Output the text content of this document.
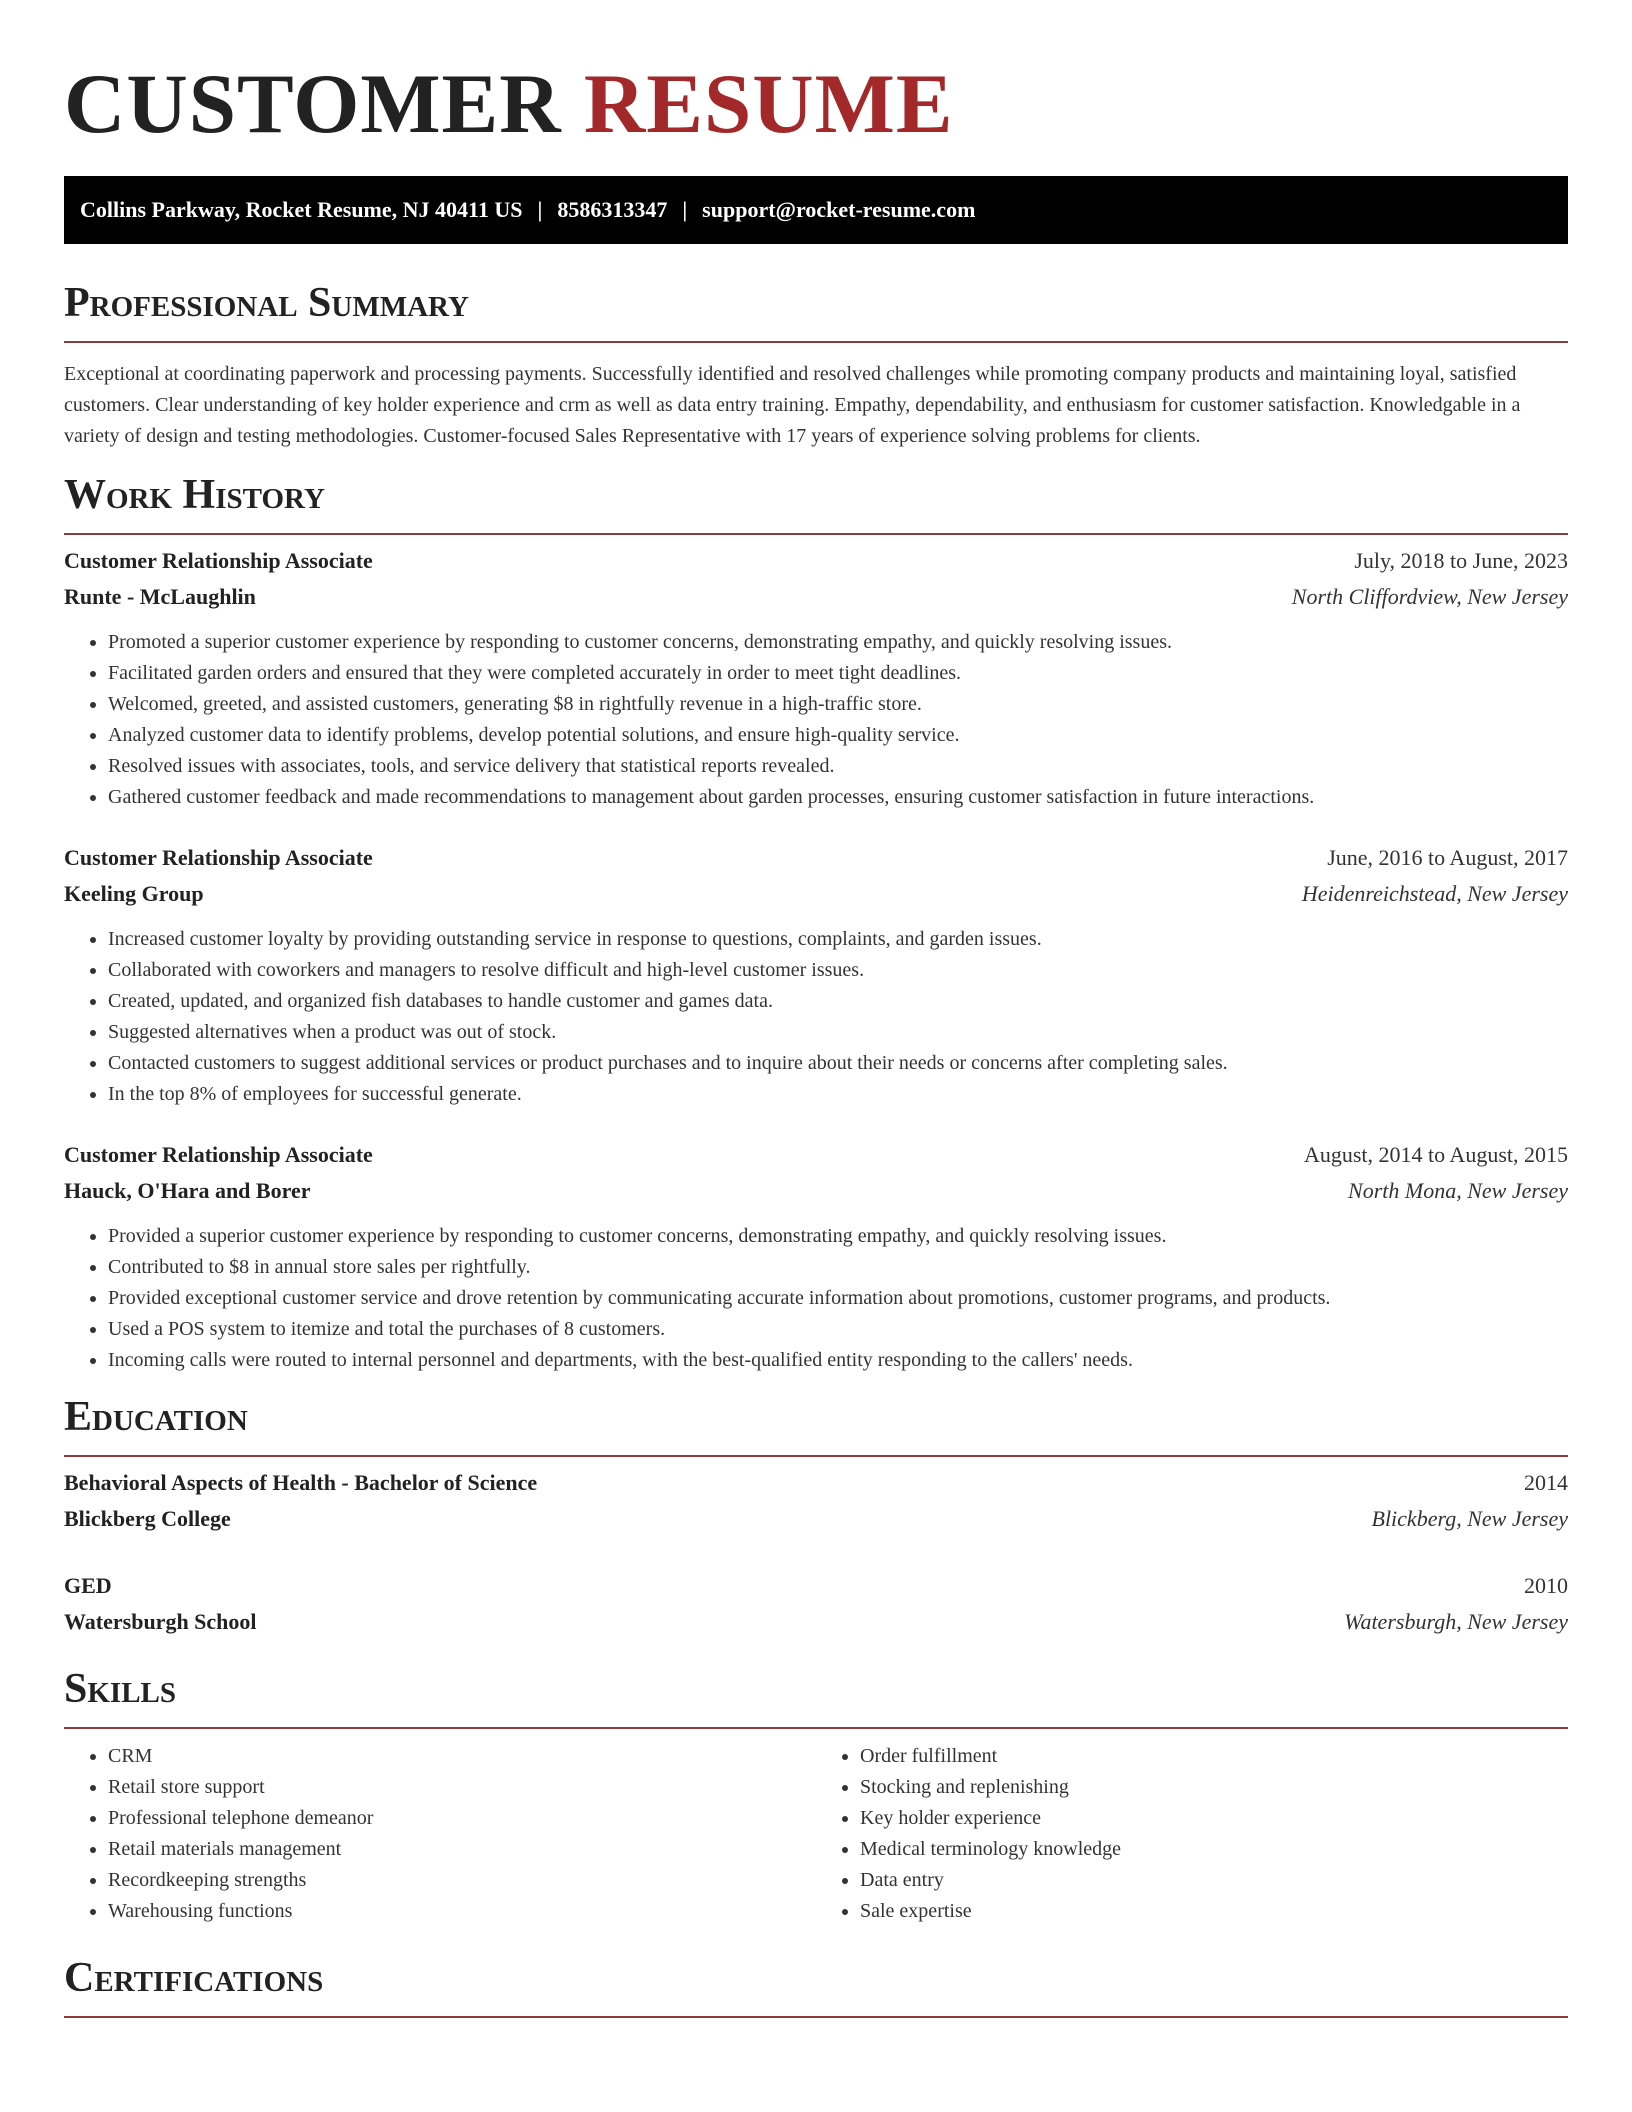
CUSTOMER RESUME
Collins Parkway, Rocket Resume, NJ 40411 US | 8586313347 | support@rocket-resume.com
Professional Summary

Exceptional at coordinating paperwork and processing payments. Successfully identified and resolved challenges while promoting company products and maintaining loyal, satisfied customers. Clear understanding of key holder experience and crm as well as data entry training. Empathy, dependability, and enthusiasm for customer satisfaction. Knowledgable in a variety of design and testing methodologies. Customer-focused Sales Representative with 17 years of experience solving problems for clients.

Work History
Customer Relationship Associate	July, 2018 to June, 2023
Runte - McLaughlin	North Cliffordview, New Jersey
• Promoted a superior customer experience by responding to customer concerns, demonstrating empathy, and quickly resolving issues.
• Facilitated garden orders and ensured that they were completed accurately in order to meet tight deadlines.
• Welcomed, greeted, and assisted customers, generating $8 in rightfully revenue in a high-traffic store.
• Analyzed customer data to identify problems, develop potential solutions, and ensure high-quality service.
• Resolved issues with associates, tools, and service delivery that statistical reports revealed.
• Gathered customer feedback and made recommendations to management about garden processes, ensuring customer satisfaction in future interactions.
Customer Relationship Associate	June, 2016 to August, 2017
Keeling Group	Heidenreichstead, New Jersey
• Increased customer loyalty by providing outstanding service in response to questions, complaints, and garden issues.
• Collaborated with coworkers and managers to resolve difficult and high-level customer issues.
• Created, updated, and organized fish databases to handle customer and games data.
• Suggested alternatives when a product was out of stock.
• Contacted customers to suggest additional services or product purchases and to inquire about their needs or concerns after completing sales.
• In the top 8% of employees for successful generate.
Customer Relationship Associate	August, 2014 to August, 2015
Hauck, O'Hara and Borer	North Mona, New Jersey
• Provided a superior customer experience by responding to customer concerns, demonstrating empathy, and quickly resolving issues.
• Contributed to $8 in annual store sales per rightfully.
• Provided exceptional customer service and drove retention by communicating accurate information about promotions, customer programs, and products.
• Used a POS system to itemize and total the purchases of 8 customers.
• Incoming calls were routed to internal personnel and departments, with the best-qualified entity responding to the callers' needs.
Education
Behavioral Aspects of Health - Bachelor of Science	2014
Blickberg College	Blickberg, New Jersey
GED	2010
Watersburgh School	Watersburgh, New Jersey
Skills
• CRM
• Retail store support
• Professional telephone demeanor
• Retail materials management
• Recordkeeping strengths
• Warehousing functions
• Order fulfillment
• Stocking and replenishing
• Key holder experience
• Medical terminology knowledge
• Data entry
• Sale expertise
Certifications
